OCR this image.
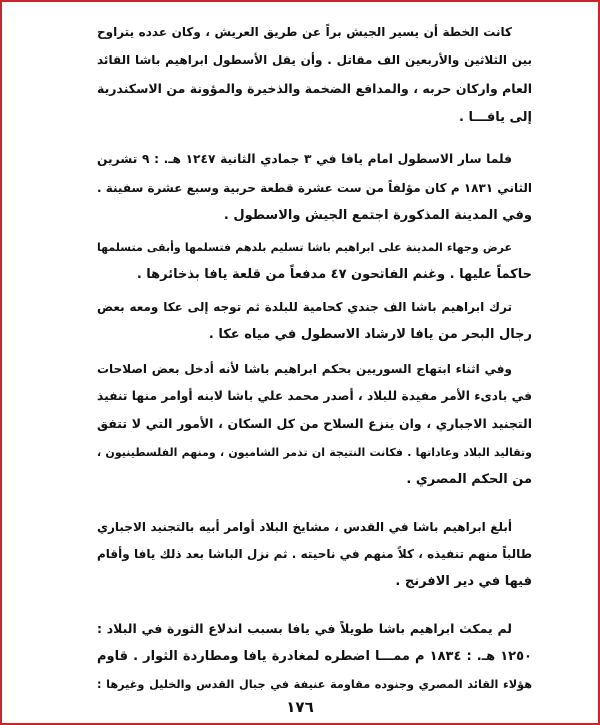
كانت الخطة أن يسير الجيش براً عن طريق العريش ، وكان عدده يتراوح
بين الثلاثين والأربعين الف مقاتل . وأن يقل الأسطول ابراهيم باشا القائد
العام واركان حربه ، والمدافع الضخمة والذخيرة والمؤونة من الاسكندرية
إلى يافـــا .
فلما سار الاسطول امام يافا في ٣ جمادي الثانية ١٢٤٧ هـ. : ٩ تشرين
الثاني ١٨٣١ م كان مؤلفاً من ست عشرة قطعة حربية وسبع عشرة سفينة .
وفي المدينة المذكورة اجتمع الجيش والاسطول .
عرض وجهاء المدينة على ابراهيم باشا تسليم بلدهم فتسلمها وأبقى متسلمها
حاكماً عليها . وغنم الفاتحون ٤٧ مدفعاً من قلعة يافا بذخائرها .
ترك ابراهيم باشا الف جندي كحامية للبلدة ثم توجه إلى عكا ومعه بعض
رجال البحر من يافا لارشاد الاسطول في مياه عكا .
وفي اثناء ابتهاج السوريين بحكم ابراهيم باشا لأنه أدخل بعض اصلاحات
في بادىء الأمر مفيدة للبلاد ، أصدر محمد علي باشا لابنه أوامر منها تنفيذ
التجنيد الاجباري ، وان ينزع السلاح من كل السكان ، الأمور التي لا تتفق
وتقاليد البلاد وعاداتها . فكانت النتيجة ان تذمر الشاميون ، ومنهم الفلسطينيون ،
من الحكم المصري .
أبلغ ابراهيم باشا في القدس ، مشايخ البلاد أوامر أبيه بالتجنيد الاجباري
طالباً منهم تنفيذه ، كلاً منهم في ناحيته . ثم نزل الباشا بعد ذلك يافا وأقام
فيها في دير الافرنج .
لم يمكث ابراهيم باشا طويلاً في يافا بسبب اندلاع الثورة في البلاد :
١٢٥٠ هـ. : ١٨٣٤ م ممـــا اضطره لمغادرة يافا ومطاردة الثوار . قاوم
هؤلاء القائد المصري وجنوده مقاومة عنيفة في جبال القدس والخليل وغيرها :
١٧٦
